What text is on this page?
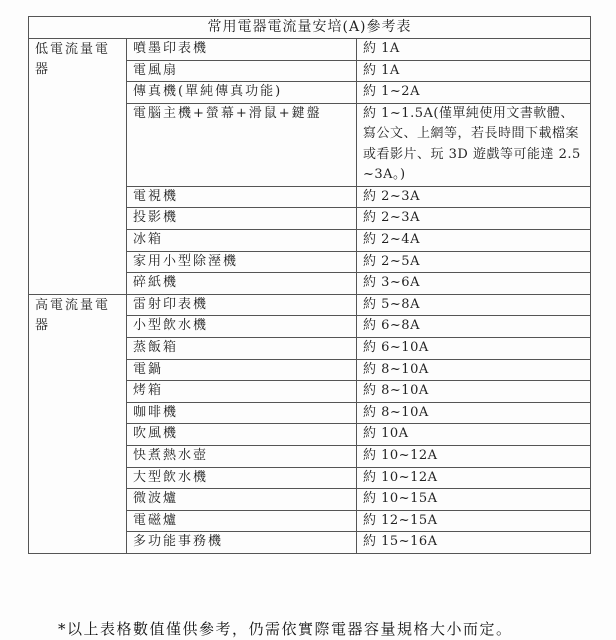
常用電器電流量安培(A)參考表		
低電流量電器	噴墨印表機	約 1A
	電風扇	約 1A
	傳真機(單純傳真功能)	約 1~2A
	電腦主機+螢幕+滑鼠+鍵盤	約 1~1.5A(僅單純使用文書軟體、寫公文、上網等，若長時間下載檔案或看影片、玩 3D 遊戲等可能達 2.5~3A。)
	電視機	約 2~3A
	投影機	約 2~3A
	冰箱	約 2~4A
	家用小型除溼機	約 2~5A
	碎紙機	約 3~6A
高電流量電器	雷射印表機	約 5~8A
	小型飲水機	約 6~8A
	蒸飯箱	約 6~10A
	電鍋	約 8~10A
	烤箱	約 8~10A
	咖啡機	約 8~10A
	吹風機	約 10A
	快煮熱水壺	約 10~12A
	大型飲水機	約 10~12A
	微波爐	約 10~15A
	電磁爐	約 12~15A
	多功能事務機	約 15~16A
*以上表格數值僅供參考，仍需依實際電器容量規格大小而定。
